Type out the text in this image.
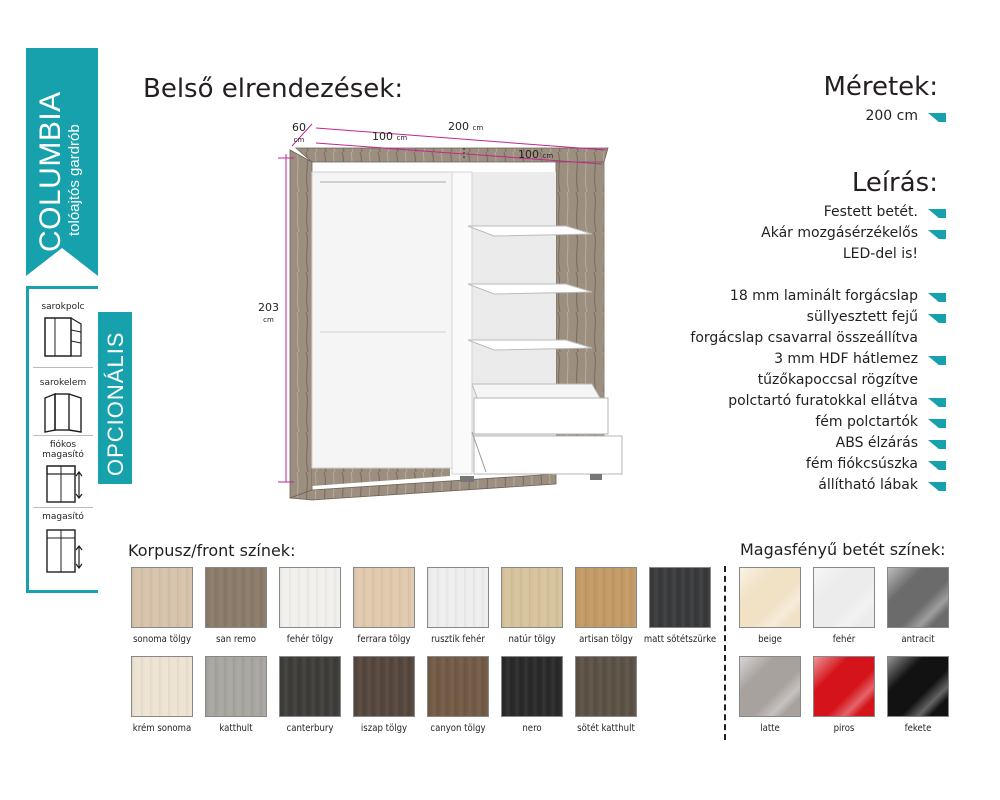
COLUMBIA tolóajtós gardrób
OPCIONÁLIS
sarokpolc
sarokelem
fiókos magasító
magasító
Belső elrendezések:	Méretek:
200 cm
Leírás:
Festett betét.
Akár mozgásérzékelős
LED-del is!
18 mm laminált forgácslap
süllyesztett fejű
forgácslap csavarral összeállítva
3 mm HDF hátlemez
tűzőkapoccsal rögzítve
polctartó furatokkal ellátva
fém polctartók
ABS élzárás
fém fiókcsúszka
állítható lábak
60
cm	100 cm
200 cm
100 cm
203
cm
Korpusz/front színek:	Magasfényű betét színek:
sonoma tölgy	san remo	fehér tölgy	ferrara tölgy	rusztik fehér	natúr tölgy	artisan tölgy	matt sötétszürke
krém sonoma	katthult	canterbury	iszap tölgy	canyon tölgy	nero	sötét katthult
beige	fehér	antracit
latte	piros	fekete
